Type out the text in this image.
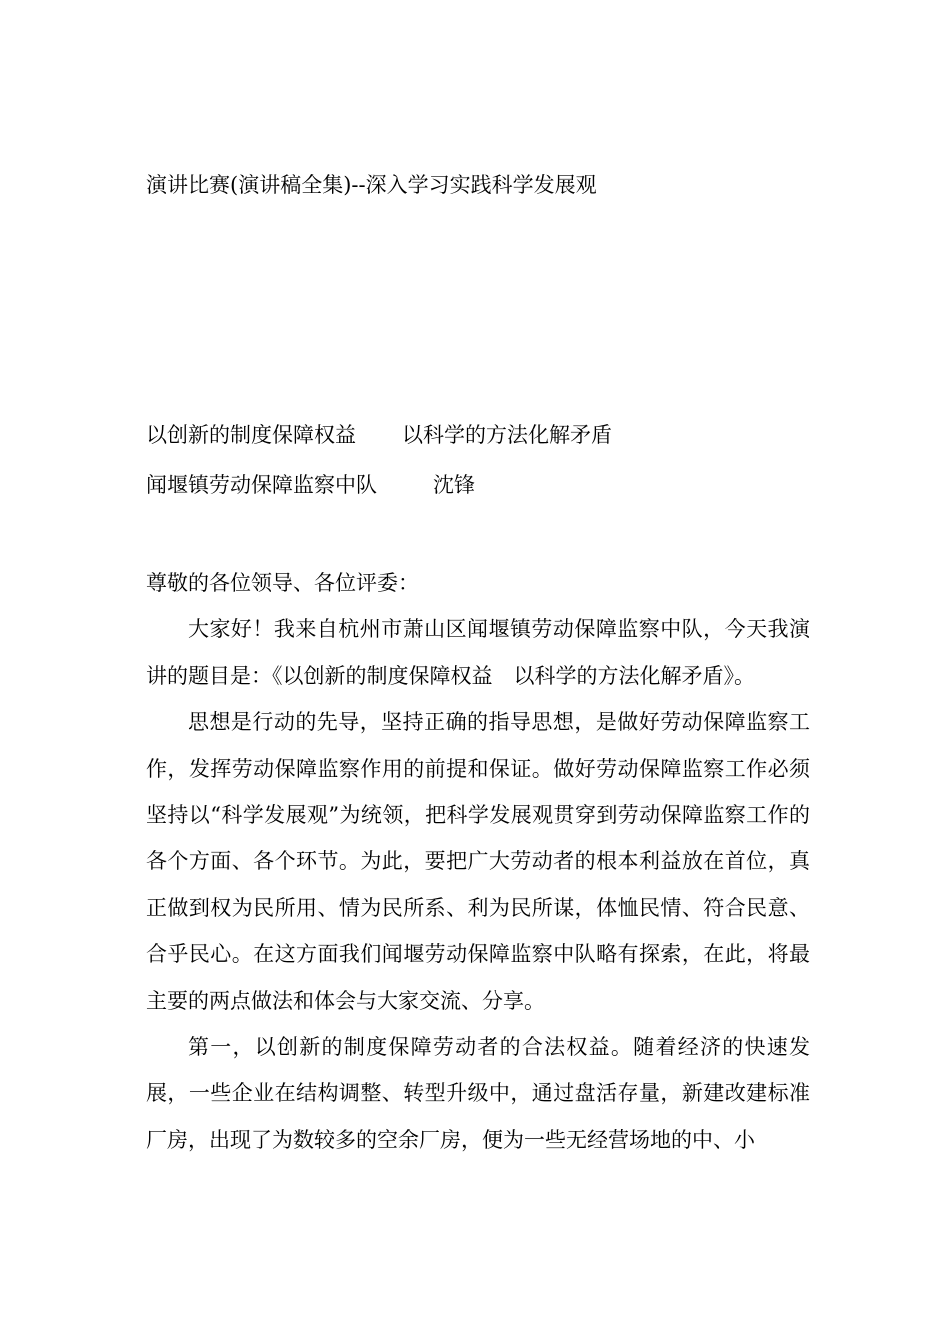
演讲比赛(演讲稿全集)--深入学习实践科学发展观
以创新的制度保障权益 以科学的方法化解矛盾
闻堰镇劳动保障监察中队	沈锋

尊敬的各位领导、各位评委：

大家好！我来自杭州市萧山区闻堰镇劳动保障监察中队，今天我演讲的题目是：《以创新的制度保障权益　以科学的方法化解矛盾》。

思想是行动的先导，坚持正确的指导思想，是做好劳动保障监察工作，发挥劳动保障监察作用的前提和保证。做好劳动保障监察工作必须坚持以“科学发展观”为统领，把科学发展观贯穿到劳动保障监察工作的各个方面、各个环节。为此，要把广大劳动者的根本利益放在首位，真正做到权为民所用、情为民所系、利为民所谋，体恤民情、符合民意、合乎民心。在这方面我们闻堰劳动保障监察中队略有探索，在此，将最主要的两点做法和体会与大家交流、分享。

第一，以创新的制度保障劳动者的合法权益。随着经济的快速发展，一些企业在结构调整、转型升级中，通过盘活存量，新建改建标准厂房，出现了为数较多的空余厂房，便为一些无经营场地的中、小
